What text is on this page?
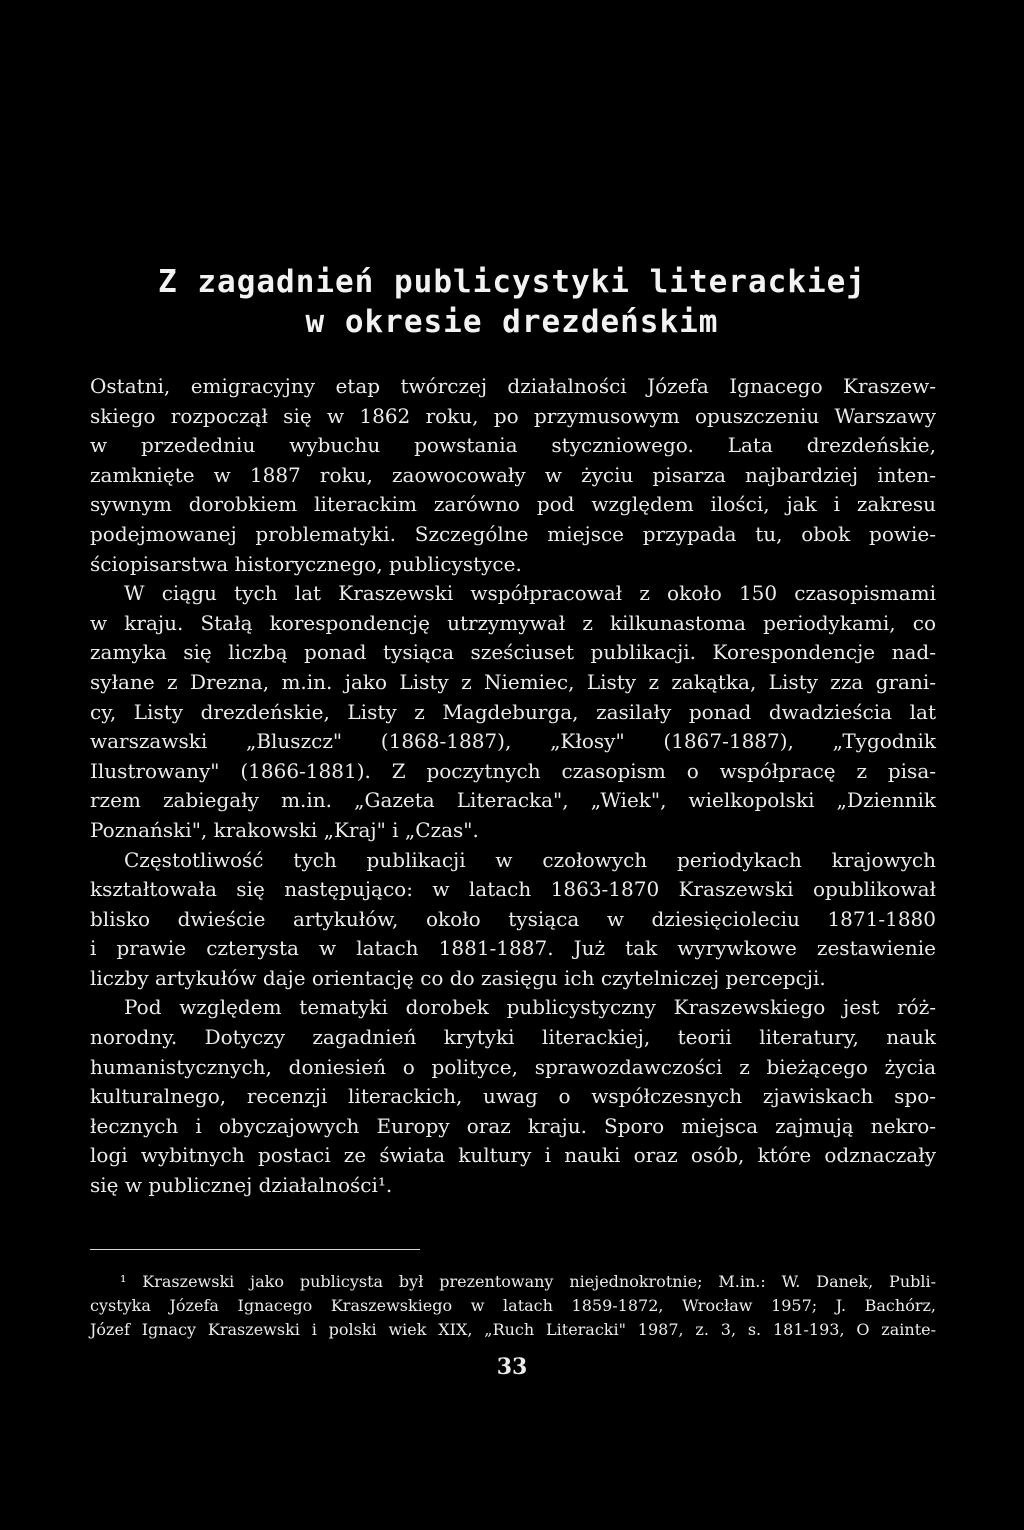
Z zagadnień publicystyki literackiej
w okresie drezdeńskim
Ostatni, emigracyjny etap twórczej działalności Józefa Ignacego Kraszew-
skiego rozpoczął się w 1862 roku, po przymusowym opuszczeniu Warszawy
w przededniu wybuchu powstania styczniowego. Lata drezdeńskie,
zamknięte w 1887 roku, zaowocowały w życiu pisarza najbardziej inten-
sywnym dorobkiem literackim zarówno pod względem ilości, jak i zakresu
podejmowanej problematyki. Szczególne miejsce przypada tu, obok powie-
ściopisarstwa historycznego, publicystyce.
W ciągu tych lat Kraszewski współpracował z około 150 czasopismami
w kraju. Stałą korespondencję utrzymywał z kilkunastoma periodykami, co
zamyka się liczbą ponad tysiąca sześciuset publikacji. Korespondencje nad-
syłane z Drezna, m.in. jako Listy z Niemiec, Listy z zakątka, Listy zza grani-
cy, Listy drezdeńskie, Listy z Magdeburga, zasilały ponad dwadzieścia lat
warszawski „Bluszcz" (1868-1887), „Kłosy" (1867-1887), „Tygodnik
Ilustrowany" (1866-1881). Z poczytnych czasopism o współpracę z pisa-
rzem zabiegały m.in. „Gazeta Literacka", „Wiek", wielkopolski „Dziennik
Poznański", krakowski „Kraj" i „Czas".
Częstotliwość tych publikacji w czołowych periodykach krajowych
kształtowała się następująco: w latach 1863-1870 Kraszewski opublikował
blisko dwieście artykułów, około tysiąca w dziesięcioleciu 1871-1880
i prawie czterysta w latach 1881-1887. Już tak wyrywkowe zestawienie
liczby artykułów daje orientację co do zasięgu ich czytelniczej percepcji.
Pod względem tematyki dorobek publicystyczny Kraszewskiego jest róż-
norodny. Dotyczy zagadnień krytyki literackiej, teorii literatury, nauk
humanistycznych, doniesień o polityce, sprawozdawczości z bieżącego życia
kulturalnego, recenzji literackich, uwag o współczesnych zjawiskach spo-
łecznych i obyczajowych Europy oraz kraju. Sporo miejsca zajmują nekro-
logi wybitnych postaci ze świata kultury i nauki oraz osób, które odznaczały
się w publicznej działalności¹.
¹ Kraszewski jako publicysta był prezentowany niejednokrotnie; M.in.: W. Danek, Publi-
cystyka Józefa Ignacego Kraszewskiego w latach 1859-1872, Wrocław 1957; J. Bachórz,
Józef Ignacy Kraszewski i polski wiek XIX, „Ruch Literacki" 1987, z. 3, s. 181-193, O zainte-
33
